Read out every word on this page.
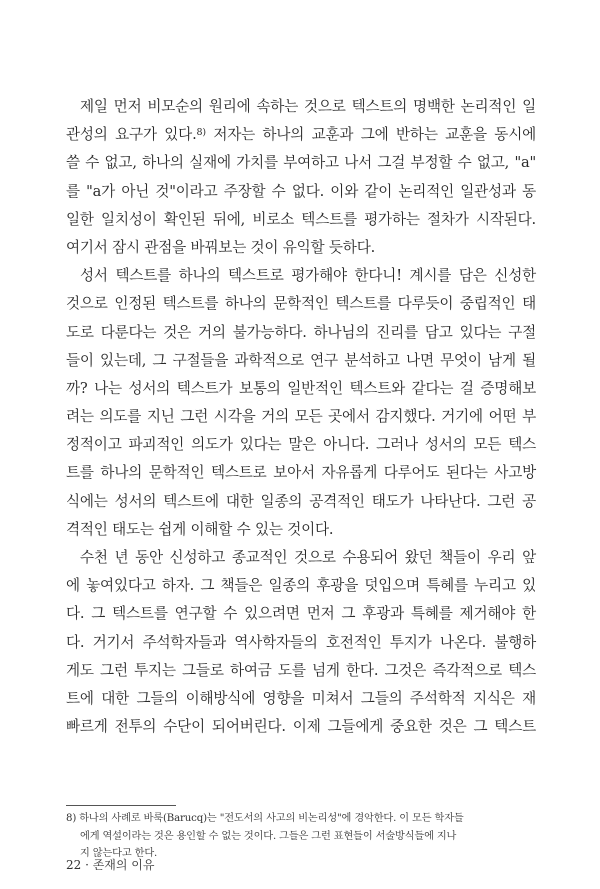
제일 먼저 비모순의 원리에 속하는 것으로 텍스트의 명백한 논리적인 일
관성의 요구가 있다.$^{8)}$ 저자는 하나의 교훈과 그에 반하는 교훈을 동시에
쓸 수 없고, 하나의 실재에 가치를 부여하고 나서 그걸 부정할 수 없고, "a"
를 "a가 아닌 것"이라고 주장할 수 없다. 이와 같이 논리적인 일관성과 동
일한 일치성이 확인된 뒤에, 비로소 텍스트를 평가하는 절차가 시작된다.
여기서 잠시 관점을 바꿔보는 것이 유익할 듯하다.
성서 텍스트를 하나의 텍스트로 평가해야 한다니! 계시를 담은 신성한
것으로 인정된 텍스트를 하나의 문학적인 텍스트를 다루듯이 중립적인 태
도로 다룬다는 것은 거의 불가능하다. 하나님의 진리를 담고 있다는 구절
들이 있는데, 그 구절들을 과학적으로 연구 분석하고 나면 무엇이 남게 될
까? 나는 성서의 텍스트가 보통의 일반적인 텍스트와 같다는 걸 증명해보
려는 의도를 지닌 그런 시각을 거의 모든 곳에서 감지했다. 거기에 어떤 부
정적이고 파괴적인 의도가 있다는 말은 아니다. 그러나 성서의 모든 텍스
트를 하나의 문학적인 텍스트로 보아서 자유롭게 다루어도 된다는 사고방
식에는 성서의 텍스트에 대한 일종의 공격적인 태도가 나타난다. 그런 공
격적인 태도는 쉽게 이해할 수 있는 것이다.
수천 년 동안 신성하고 종교적인 것으로 수용되어 왔던 책들이 우리 앞
에 놓여있다고 하자. 그 책들은 일종의 후광을 덧입으며 특혜를 누리고 있
다. 그 텍스트를 연구할 수 있으려면 먼저 그 후광과 특혜를 제거해야 한
다. 거기서 주석학자들과 역사학자들의 호전적인 투지가 나온다. 불행하
게도 그런 투지는 그들로 하여금 도를 넘게 한다. 그것은 즉각적으로 텍스
트에 대한 그들의 이해방식에 영향을 미쳐서 그들의 주석학적 지식은 재
빠르게 전투의 수단이 되어버린다. 이제 그들에게 중요한 것은 그 텍스트
8) 하나의 사례로 바룩(Barucq)는 "전도서의 사고의 비논리성"에 경악한다. 이 모든 학자들
에게 역설이라는 것은 용인할 수 없는 것이다. 그들은 그런 표현들이 서술방식들에 지나
지 않는다고 한다.
22 · 존재의 이유
